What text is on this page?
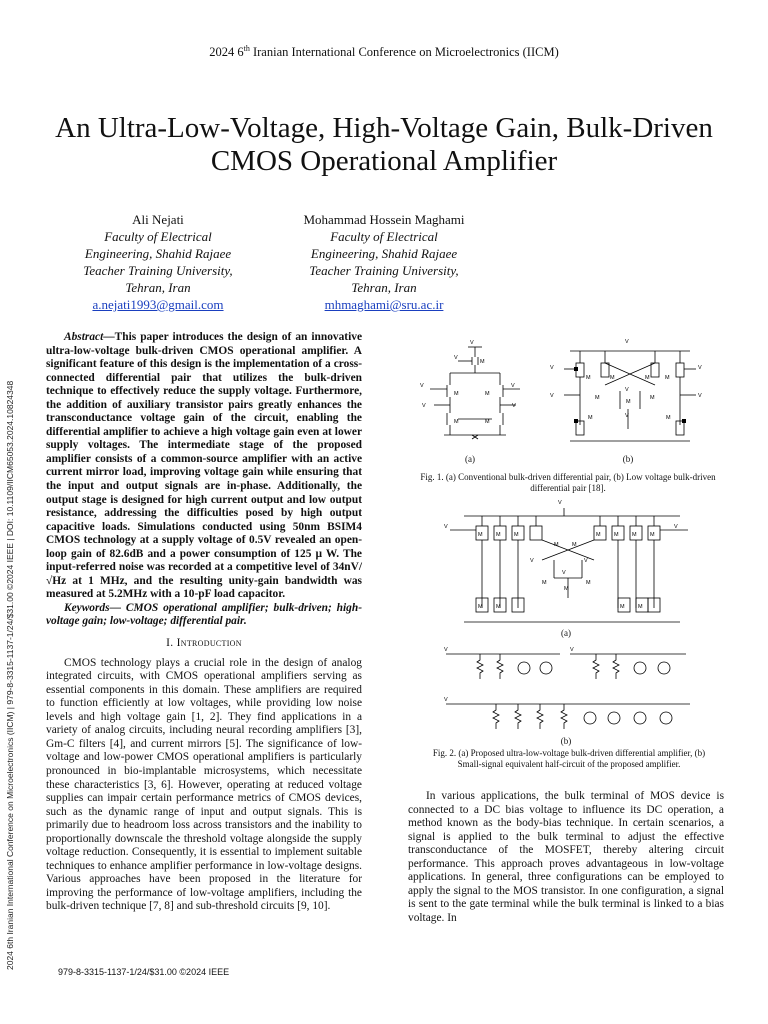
2024 6th Iranian International Conference on Microelectronics (IICM)
An Ultra-Low-Voltage, High-Voltage Gain, Bulk-Driven CMOS Operational Amplifier
Ali Nejati
Faculty of Electrical
Engineering, Shahid Rajaee
Teacher Training University,
Tehran, Iran
a.nejati1993@gmail.com
Mohammad Hossein Maghami
Faculty of Electrical
Engineering, Shahid Rajaee
Teacher Training University,
Tehran, Iran
mhmaghami@sru.ac.ir
2024 6th Iranian International Conference on Microelectronics (IICM) | 979-8-3315-1137-1/24/$31.00 ©2024 IEEE | DOI: 10.1109/IICM65053.2024.10824348
Abstract—This paper introduces the design of an innovative ultra-low-voltage bulk-driven CMOS operational amplifier. A significant feature of this design is the implementation of a cross-connected differential pair that utilizes the bulk-driven technique to effectively reduce the supply voltage. Furthermore, the addition of auxiliary transistor pairs greatly enhances the transconductance voltage gain of the circuit, enabling the differential amplifier to achieve a high voltage gain even at lower supply voltages. The intermediate stage of the proposed amplifier consists of a common-source amplifier with an active current mirror load, improving voltage gain while ensuring that the input and output signals are in-phase. Additionally, the output stage is designed for high current output and low output resistance, addressing the difficulties posed by high output capacitive loads. Simulations conducted using 50nm BSIM4 CMOS technology at a supply voltage of 0.5V revealed an open-loop gain of 82.6dB and a power consumption of 125 µ W. The input-referred noise was recorded at a competitive level of 34nV/ √Hz at 1 MHz, and the resulting unity-gain bandwidth was measured at 5.2MHz with a 10-pF load capacitor.
Keywords— CMOS operational amplifier; bulk-driven; high-voltage gain; low-voltage; differential pair.
I. Introduction
CMOS technology plays a crucial role in the design of analog integrated circuits, with CMOS operational amplifiers serving as essential components in this domain. These amplifiers are required to function efficiently at low voltages, while providing low noise levels and high voltage gain [1, 2]. They find applications in a variety of analog circuits, including neural recording amplifiers [3], Gm-C filters [4], and current mirrors [5]. The significance of low-voltage and low-power CMOS operational amplifiers is particularly pronounced in bio-implantable microsystems, which necessitate these characteristics [3, 6]. However, operating at reduced voltage supplies can impair certain performance metrics of CMOS devices, such as the dynamic range of input and output signals. This is primarily due to headroom loss across transistors and the inability to proportionally downscale the threshold voltage alongside the supply voltage reduction. Consequently, it is essential to implement suitable techniques to enhance amplifier performance in low-voltage designs. Various approaches have been proposed in the literature for improving the performance of low-voltage amplifiers, including the bulk-driven technique [7, 8] and sub-threshold circuits [9, 10].
V
V
M
V	V
M	M
V	V
M	M
(a)
V
V	V
M	M	M	M
V	V
V
M
M	M
V
M	M
(b)
Fig. 1. (a) Conventional bulk-driven differential pair, (b) Low voltage bulk-driven differential pair [18].
V
V	V
M M M	M M M M
M M
V	V
V
M
M	M
M M	M M
(a)
V	V
V
(b)
Fig. 2. (a) Proposed ultra-low-voltage bulk-driven differential amplifier, (b) Small-signal equivalent half-circuit of the proposed amplifier.
In various applications, the bulk terminal of MOS device is connected to a DC bias voltage to influence its DC operation, a method known as the body-bias technique. In certain scenarios, a signal is applied to the bulk terminal to adjust the effective transconductance of the MOSFET, thereby altering circuit performance. This approach proves advantageous in low-voltage applications. In general, three configurations can be employed to apply the signal to the MOS transistor. In one configuration, a signal is sent to the gate terminal while the bulk terminal is linked to a bias voltage. In
979-8-3315-1137-1/24/$31.00 ©2024 IEEE
